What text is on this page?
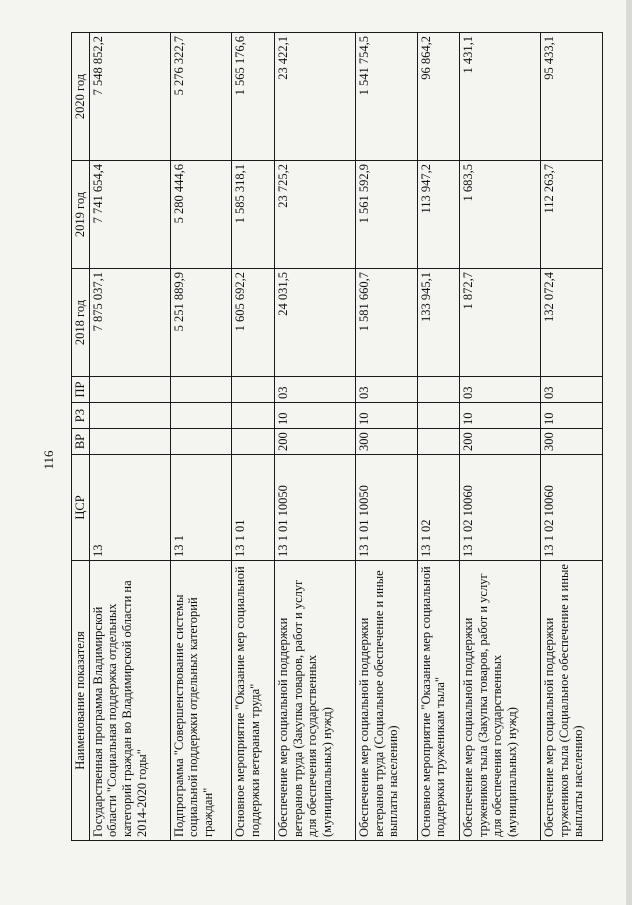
116
Наименование показателя	ЦСР	ВР	РЗ	ПР	2018 год	2019 год	2020 год
Государственная программа Владимирской области "Социальная поддержка отдельных категорий граждан во Владимирской области на 2014-2020 годы"	13				7 875 037,1	7 741 654,4	7 548 852,2
Подпрограмма "Совершенствование системы социальной поддержки отдельных категорий граждан"	13 1				5 251 889,9	5 280 444,6	5 276 322,7
Основное мероприятие "Оказание мер социальной поддержки ветеранам труда"	13 1 01				1 605 692,2	1 585 318,1	1 565 176,6
Обеспечение мер социальной поддержки ветеранов труда (Закупка товаров, работ и услуг для обеспечения государственных (муниципальных) нужд)	13 1 01 10050	200	10	03	24 031,5	23 725,2	23 422,1
Обеспечение мер социальной поддержки ветеранов труда (Социальное обеспечение и иные выплаты населению)	13 1 01 10050	300	10	03	1 581 660,7	1 561 592,9	1 541 754,5
Основное мероприятие "Оказание мер социальной поддержки труженикам тыла"	13 1 02				133 945,1	113 947,2	96 864,2
Обеспечение мер социальной поддержки тружеников тыла (Закупка товаров, работ и услуг для обеспечения государственных (муниципальных) нужд)	13 1 02 10060	200	10	03	1 872,7	1 683,5	1 431,1
Обеспечение мер социальной поддержки тружеников тыла (Социальное обеспечение и иные выплаты населению)	13 1 02 10060	300	10	03	132 072,4	112 263,7	95 433,1
